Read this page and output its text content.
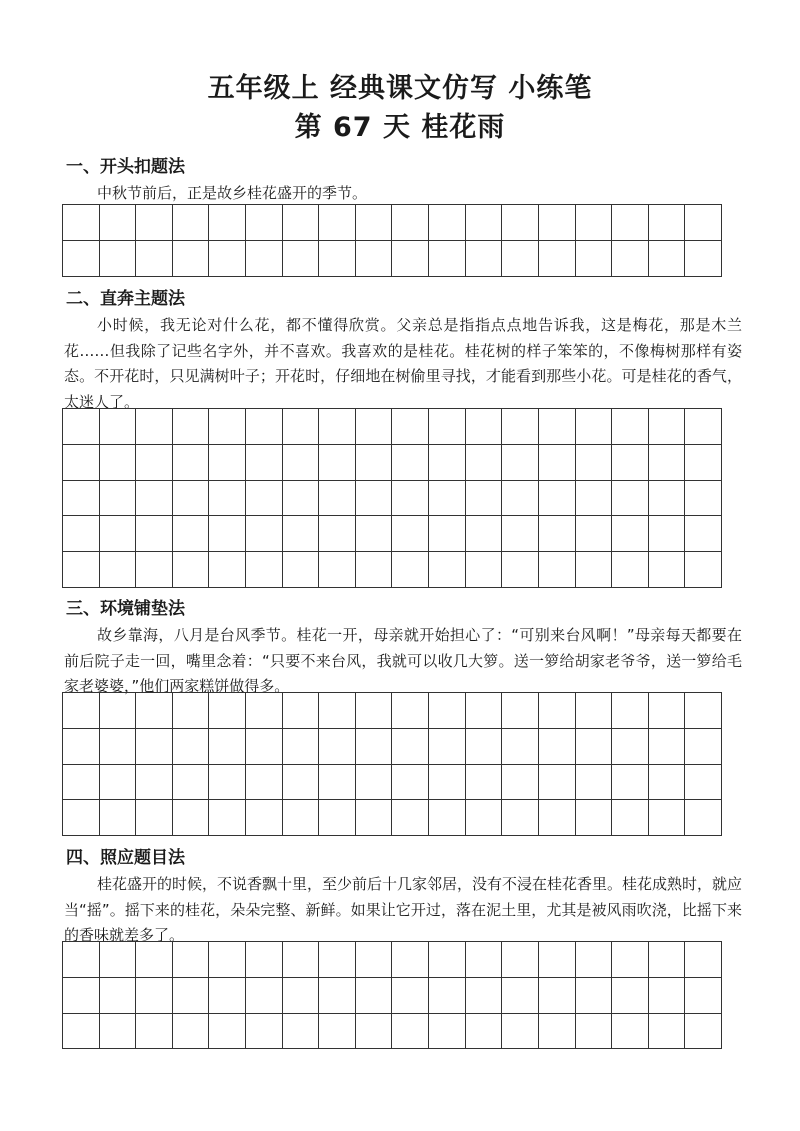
五年级上 经典课文仿写 小练笔
第 67 天 桂花雨
一、开头扣题法

中秋节前后，正是故乡桂花盛开的季节。

二、直奔主题法

小时候，我无论对什么花，都不懂得欣赏。父亲总是指指点点地告诉我，这是梅花，那是木兰花……但我除了记些名字外，并不喜欢。我喜欢的是桂花。桂花树的样子笨笨的，不像梅树那样有姿态。不开花时，只见满树叶子；开花时，仔细地在树偷里寻找，才能看到那些小花。可是桂花的香气，太迷人了。

三、环境铺垫法

故乡靠海，八月是台风季节。桂花一开，母亲就开始担心了：“可别来台风啊！”母亲每天都要在前后院子走一回，嘴里念着：“只要不来台风，我就可以收几大箩。送一箩给胡家老爷爷，送一箩给毛家老婆婆，”他们两家糕饼做得多。

四、照应题目法

桂花盛开的时候，不说香飘十里，至少前后十几家邻居，没有不浸在桂花香里。桂花成熟时，就应当“摇”。摇下来的桂花，朵朵完整、新鲜。如果让它开过，落在泥土里，尤其是被风雨吹浇，比摇下来的香味就差多了。
